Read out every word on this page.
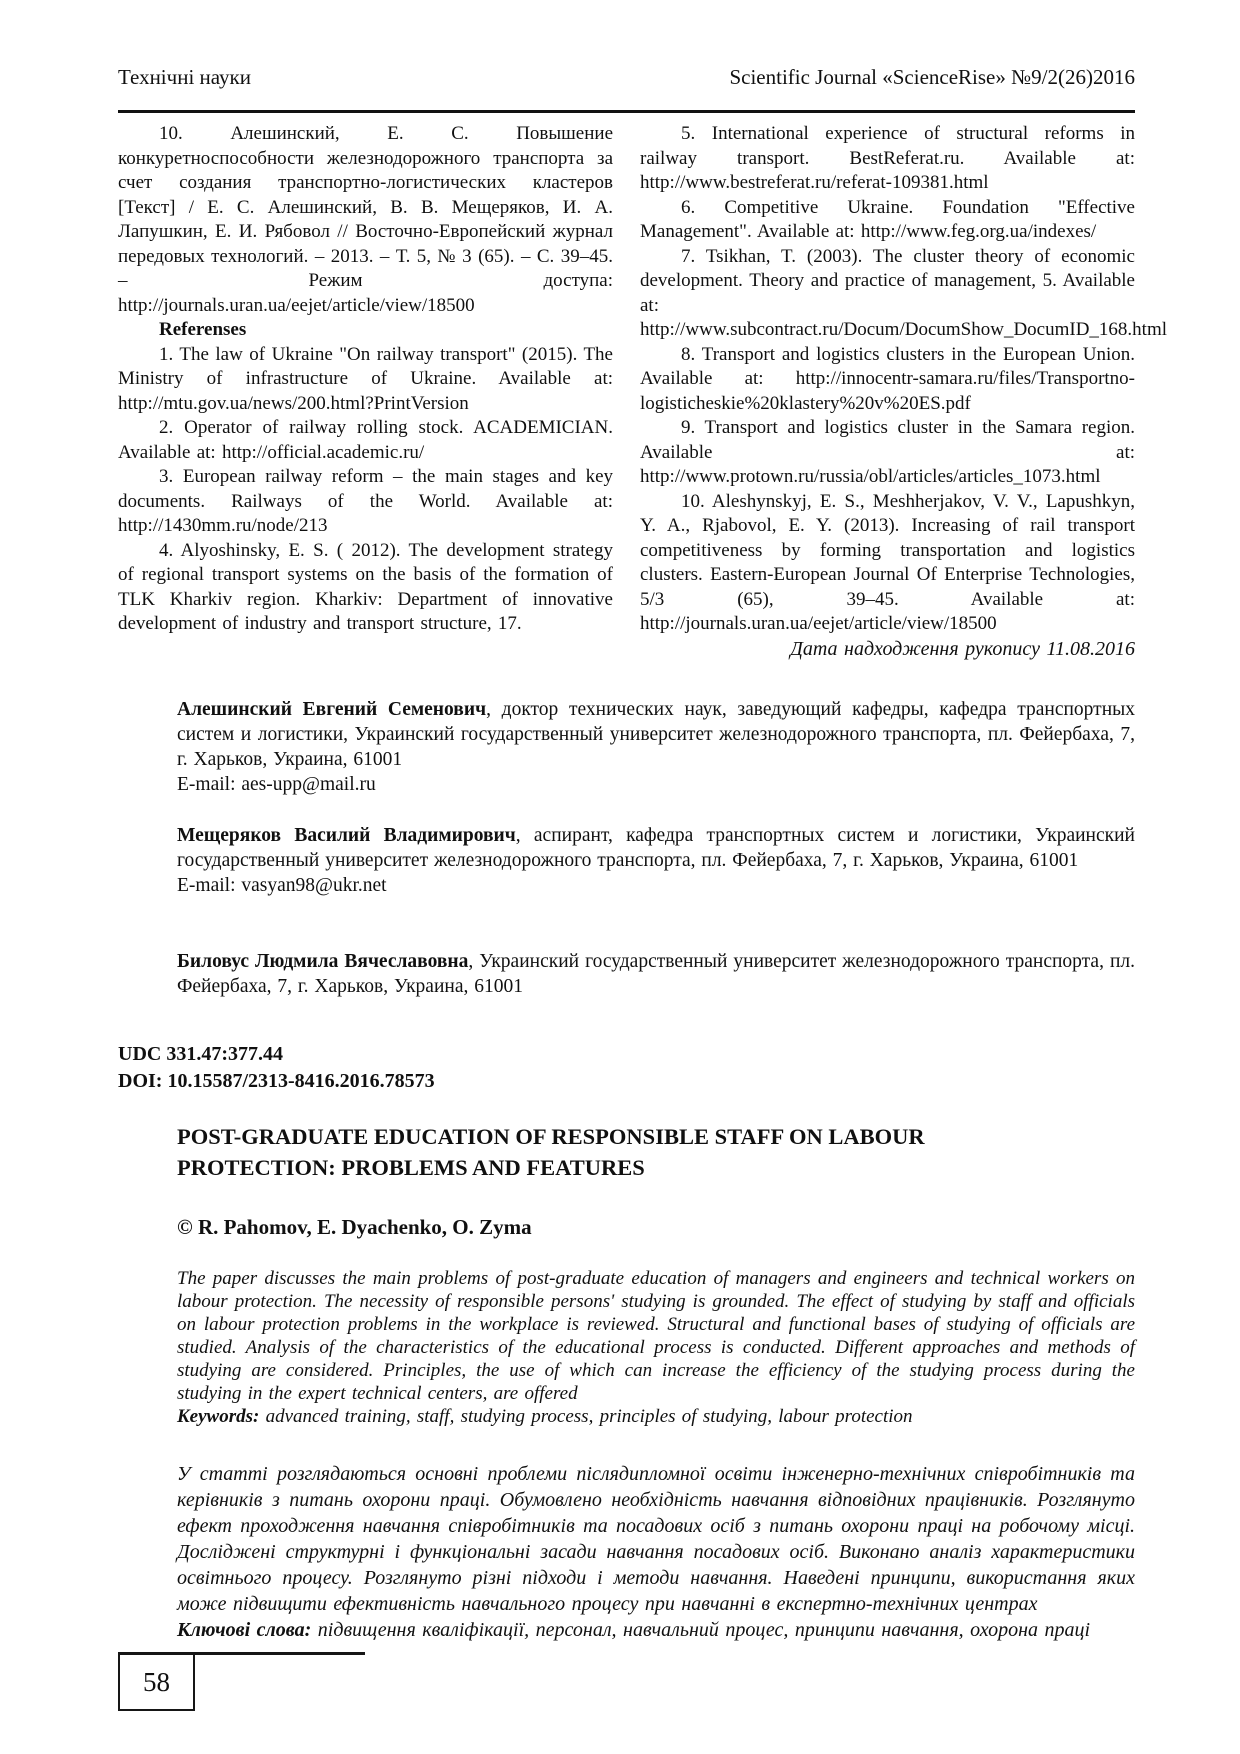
Технічні науки	Scientific Journal «ScienceRise» №9/2(26)2016

10. Алешинский, Е. С. Повышение конкуретноспособности железнодорожного транспорта за счет создания транспортно-логистических кластеров [Текст] / Е. С. Алешинский, В. В. Мещеряков, И. А. Лапушкин, Е. И. Рябовол // Восточно-Европейский журнал передовых технологий. – 2013. – Т. 5, № 3 (65). – С. 39–45. – Режим доступа: http://journals.uran.ua/eejet/article/view/18500

Referenses

1. The law of Ukraine "On railway transport" (2015). The Ministry of infrastructure of Ukraine. Available at: http://mtu.gov.ua/news/200.html?PrintVersion

2. Operator of railway rolling stock. ACADEMICIAN. Available at: http://official.academic.ru/

3. European railway reform – the main stages and key documents. Railways of the World. Available at: http://1430mm.ru/node/213

4. Alyoshinsky, E. S. ( 2012). The development strategy of regional transport systems on the basis of the formation of TLK Kharkiv region. Kharkiv: Department of innovative development of industry and transport structure, 17.

5. International experience of structural reforms in railway transport. BestReferat.ru. Available at: http://www.bestreferat.ru/referat-109381.html

6. Competitive Ukraine. Foundation "Effective Management". Available at: http://www.feg.org.ua/indexes/

7. Tsikhan, T. (2003). The cluster theory of economic development. Theory and practice of management, 5. Available at: http://www.subcontract.ru/Docum/DocumShow_DocumID_168.html

8. Transport and logistics clusters in the European Union. Available at: http://innocentr-samara.ru/files/Transportno-logisticheskie%20klastery%20v%20ES.pdf

9. Transport and logistics cluster in the Samara region. Available at: http://www.protown.ru/russia/obl/articles/articles_1073.html

10. Aleshynskyj, E. S., Meshherjakov, V. V., Lapushkyn, Y. A., Rjabovol, E. Y. (2013). Increasing of rail transport competitiveness by forming transportation and logistics clusters. Eastern-European Journal Of Enterprise Technologies, 5/3 (65), 39–45. Available at: http://journals.uran.ua/eejet/article/view/18500

Дата надходження рукопису 11.08.2016

Алешинский Евгений Семенович, доктор технических наук, заведующий кафедры, кафедра транспортных систем и логистики, Украинский государственный университет железнодорожного транспорта, пл. Фейербаха, 7, г. Харьков, Украина, 61001
E-mail: aes-upp@mail.ru
Мещеряков Василий Владимирович, аспирант, кафедра транспортных систем и логистики, Украинский государственный университет железнодорожного транспорта, пл. Фейербаха, 7, г. Харьков, Украина, 61001
E-mail: vasyan98@ukr.net
Биловус Людмила Вячеславовна, Украинский государственный университет железнодорожного транспорта, пл. Фейербаха, 7, г. Харьков, Украина, 61001
UDC 331.47:377.44
DOI: 10.15587/2313-8416.2016.78573
POST-GRADUATE EDUCATION OF RESPONSIBLE STAFF ON LABOUR PROTECTION: PROBLEMS AND FEATURES
© R. Pahomov, E. Dyachenko, O. Zyma
The paper discusses the main problems of post-graduate education of managers and engineers and technical workers on labour protection. The necessity of responsible persons' studying is grounded. The effect of studying by staff and officials on labour protection problems in the workplace is reviewed. Structural and functional bases of studying of officials are studied. Analysis of the characteristics of the educational process is conducted. Different approaches and methods of studying are considered. Principles, the use of which can increase the efficiency of the studying process during the studying in the expert technical centers, are offered
Keywords: advanced training, staff, studying process, principles of studying, labour protection
У статті розглядаються основні проблеми післядипломної освіти інженерно-технічних співробітників та керівників з питань охорони праці. Обумовлено необхідність навчання відповідних працівників. Розглянуто ефект проходження навчання співробітників та посадових осіб з питань охорони праці на робочому місці. Досліджені структурні і функціональні засади навчання посадових осіб. Виконано аналіз характеристики освітнього процесу. Розглянуто різні підходи і методи навчання. Наведені принципи, використання яких може підвищити ефективність навчального процесу при навчанні в експертно-технічних центрах
Ключові слова: підвищення кваліфікації, персонал, навчальний процес, принципи навчання, охорона праці
58
